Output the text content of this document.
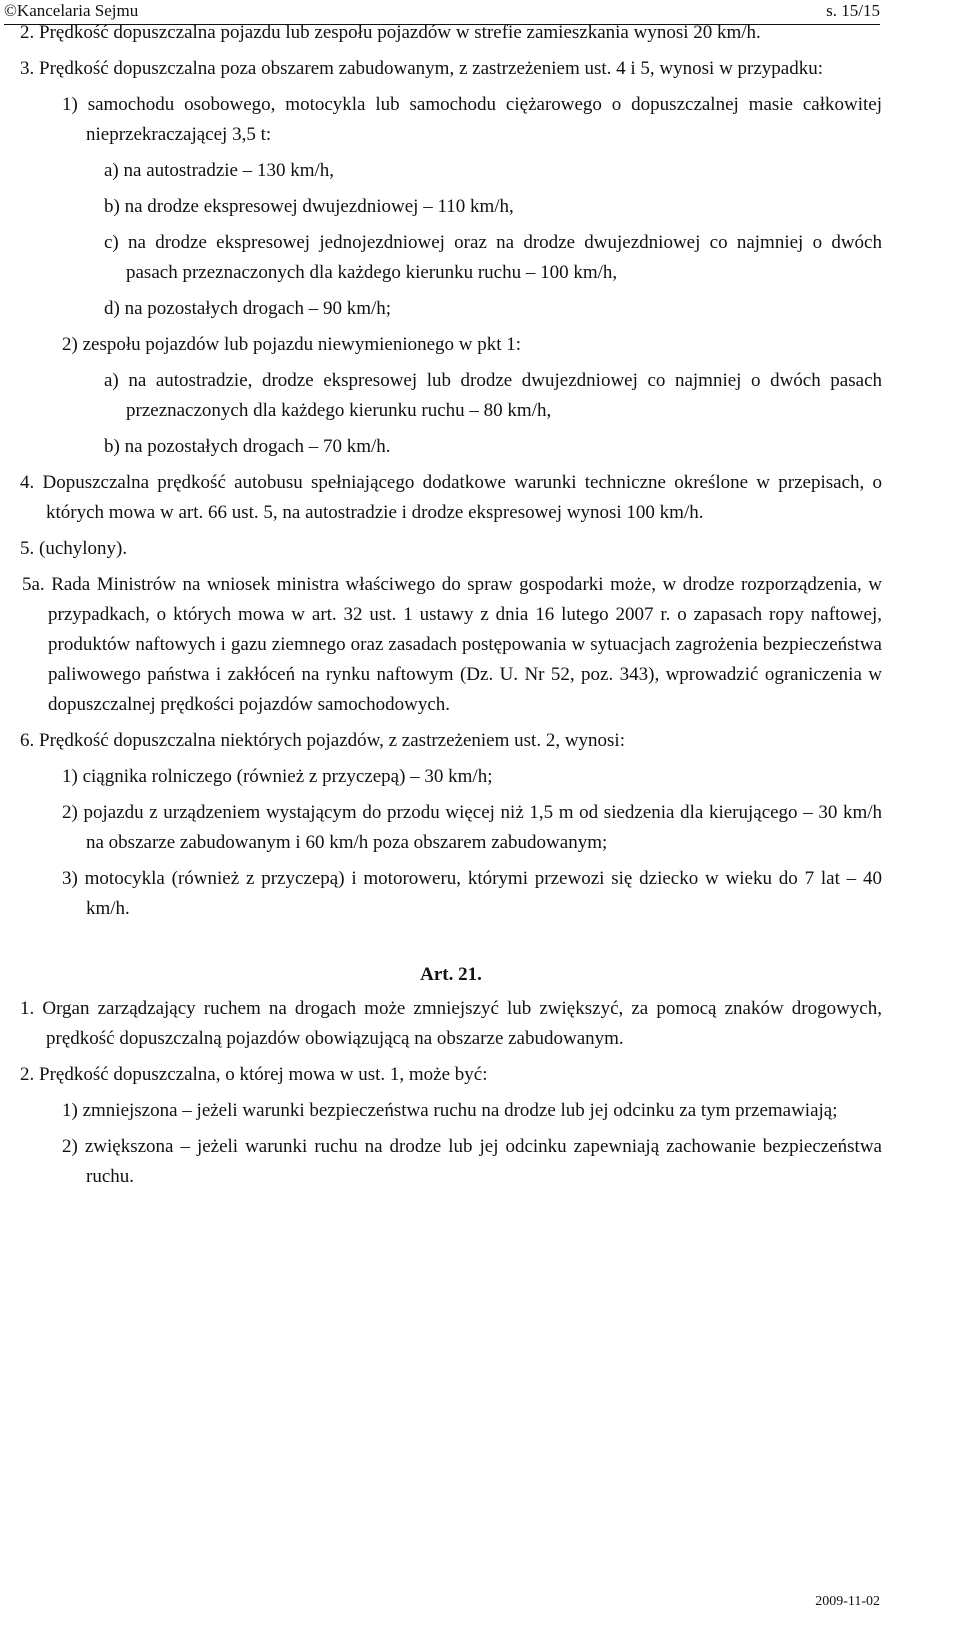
©Kancelaria Sejmu	s. 15/15

2. Prędkość dopuszczalna pojazdu lub zespołu pojazdów w strefie zamieszkania wynosi 20 km/h.

3. Prędkość dopuszczalna poza obszarem zabudowanym, z zastrzeżeniem ust. 4 i 5, wynosi w przypadku:

1) samochodu osobowego, motocykla lub samochodu ciężarowego o dopuszczalnej masie całkowitej nieprzekraczającej 3,5 t:

a) na autostradzie – 130 km/h,

b) na drodze ekspresowej dwujezdniowej – 110 km/h,

c) na drodze ekspresowej jednojezdniowej oraz na drodze dwujezdniowej co najmniej o dwóch pasach przeznaczonych dla każdego kierunku ruchu – 100 km/h,

d) na pozostałych drogach – 90 km/h;

2) zespołu pojazdów lub pojazdu niewymienionego w pkt 1:

a) na autostradzie, drodze ekspresowej lub drodze dwujezdniowej co najmniej o dwóch pasach przeznaczonych dla każdego kierunku ruchu – 80 km/h,

b) na pozostałych drogach – 70 km/h.

4. Dopuszczalna prędkość autobusu spełniającego dodatkowe warunki techniczne określone w przepisach, o których mowa w art. 66 ust. 5, na autostradzie i drodze ekspresowej wynosi 100 km/h.

5. (uchylony).

5a. Rada Ministrów na wniosek ministra właściwego do spraw gospodarki może, w drodze rozporządzenia, w przypadkach, o których mowa w art. 32 ust. 1 ustawy z dnia 16 lutego 2007 r. o zapasach ropy naftowej, produktów naftowych i gazu ziemnego oraz zasadach postępowania w sytuacjach zagrożenia bezpieczeństwa paliwowego państwa i zakłóceń na rynku naftowym (Dz. U. Nr 52, poz. 343), wprowadzić ograniczenia w dopuszczalnej prędkości pojazdów samochodowych.

6. Prędkość dopuszczalna niektórych pojazdów, z zastrzeżeniem ust. 2, wynosi:

1) ciągnika rolniczego (również z przyczepą) – 30 km/h;

2) pojazdu z urządzeniem wystającym do przodu więcej niż 1,5 m od siedzenia dla kierującego – 30 km/h na obszarze zabudowanym i 60 km/h poza obszarem zabudowanym;

3) motocykla (również z przyczepą) i motoroweru, którymi przewozi się dziecko w wieku do 7 lat – 40 km/h.

Art. 21.

1. Organ zarządzający ruchem na drogach może zmniejszyć lub zwiększyć, za pomocą znaków drogowych, prędkość dopuszczalną pojazdów obowiązującą na obszarze zabudowanym.

2. Prędkość dopuszczalna, o której mowa w ust. 1, może być:

1) zmniejszona – jeżeli warunki bezpieczeństwa ruchu na drodze lub jej odcinku za tym przemawiają;

2) zwiększona – jeżeli warunki ruchu na drodze lub jej odcinku zapewniają zachowanie bezpieczeństwa ruchu.

2009-11-02
